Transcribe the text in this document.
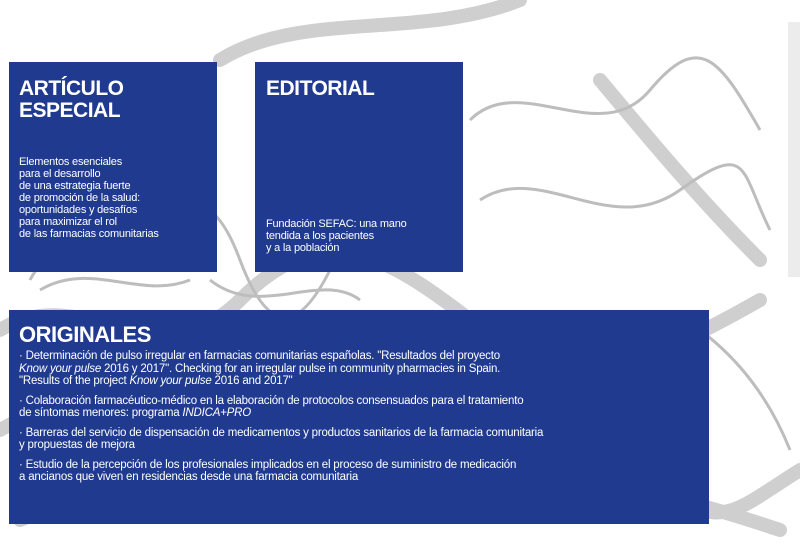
ARTÍCULO
ESPECIAL
Elementos esenciales
para el desarrollo
de una estrategia fuerte
de promoción de la salud:
oportunidades y desafíos
para maximizar el rol
de las farmacias comunitarias
EDITORIAL
Fundación SEFAC: una mano
tendida a los pacientes
y a la población
ORIGINALES
· Determinación de pulso irregular en farmacias comunitarias españolas. "Resultados del proyecto
Know your pulse 2016 y 2017". Checking for an irregular pulse in community pharmacies in Spain.
"Results of the project Know your pulse 2016 and 2017"
· Colaboración farmacéutico-médico en la elaboración de protocolos consensuados para el tratamiento
de síntomas menores: programa INDICA+PRO
· Barreras del servicio de dispensación de medicamentos y productos sanitarios de la farmacia comunitaria
y propuestas de mejora
· Estudio de la percepción de los profesionales implicados en el proceso de suministro de medicación
a ancianos que viven en residencias desde una farmacia comunitaria
